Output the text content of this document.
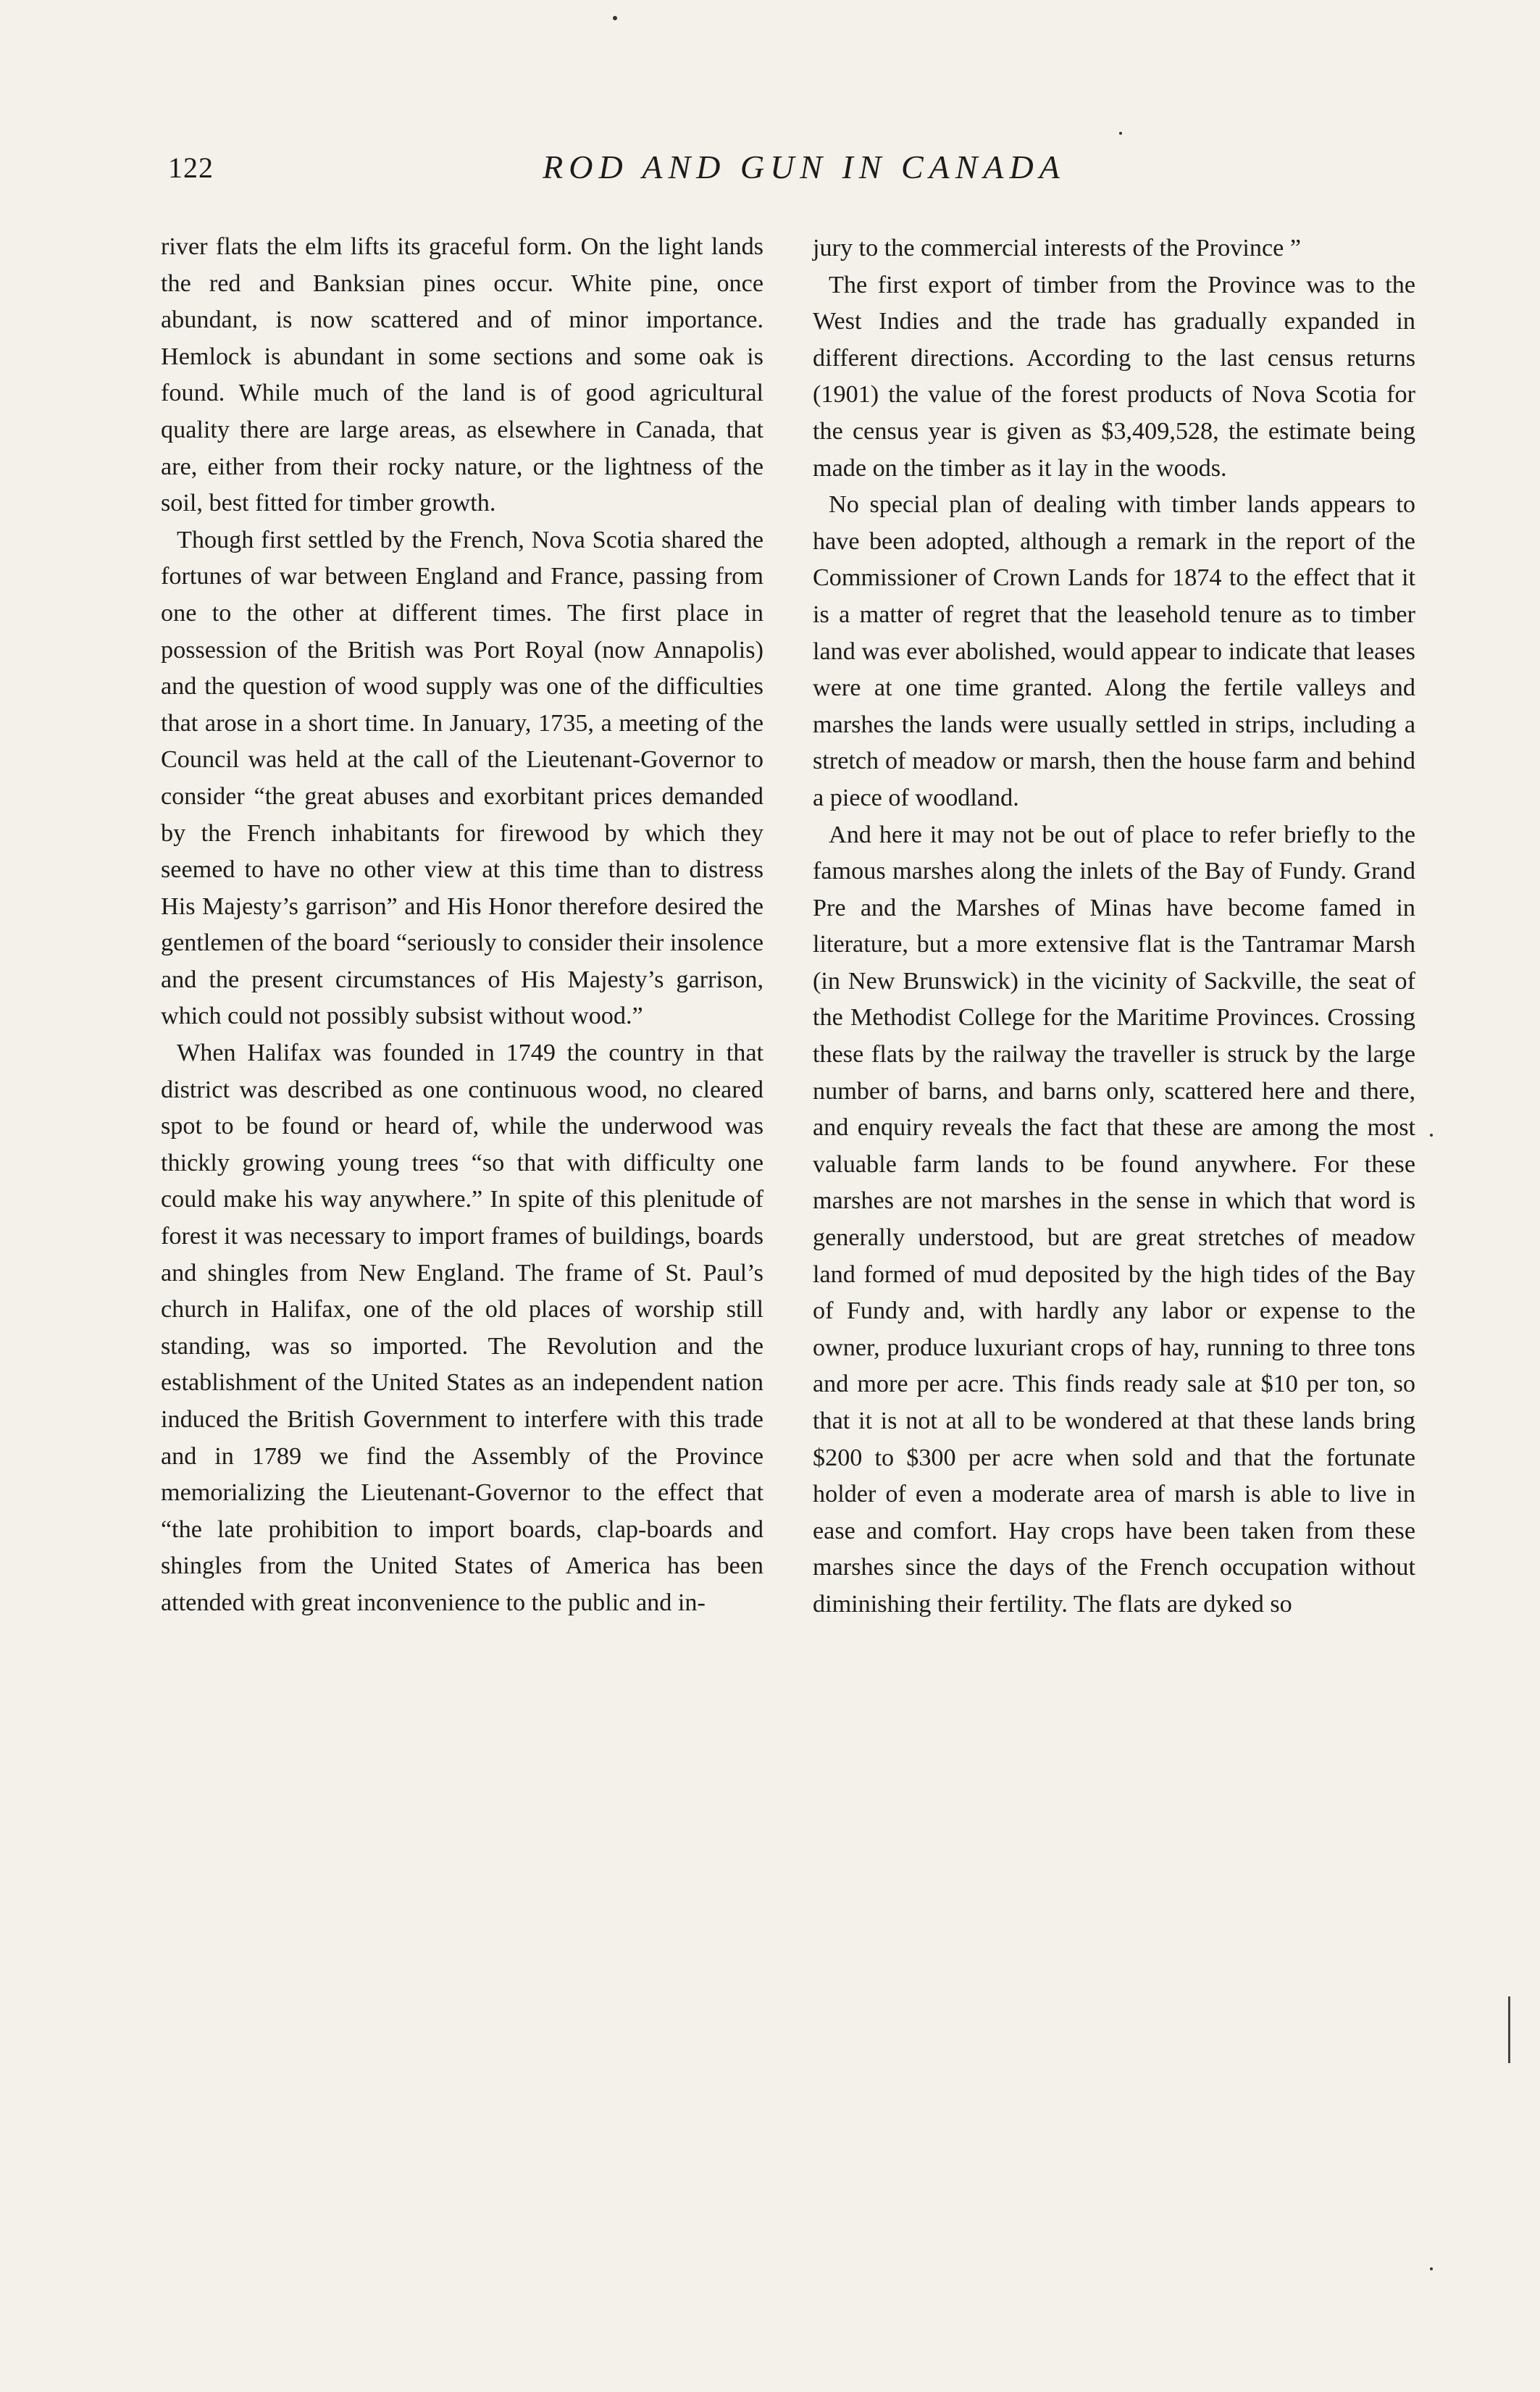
122	ROD AND GUN IN CANADA

river flats the elm lifts its graceful form. On the light lands the red and Banksian pines occur. White pine, once abundant, is now scattered and of minor importance. Hemlock is abundant in some sections and some oak is found. While much of the land is of good agricultural quality there are large areas, as elsewhere in Canada, that are, either from their rocky nature, or the lightness of the soil, best fitted for timber growth.

Though first settled by the French, Nova Scotia shared the fortunes of war between England and France, passing from one to the other at different times. The first place in possession of the British was Port Royal (now Annapolis) and the question of wood supply was one of the difficulties that arose in a short time. In January, 1735, a meeting of the Council was held at the call of the Lieutenant-Governor to consider “the great abuses and exorbitant prices demanded by the French inhabitants for firewood by which they seemed to have no other view at this time than to distress His Majesty’s garrison” and His Honor therefore desired the gentlemen of the board “seriously to consider their insolence and the present circumstances of His Majesty’s garrison, which could not possibly subsist without wood.”

When Halifax was founded in 1749 the country in that district was described as one continuous wood, no cleared spot to be found or heard of, while the underwood was thickly growing young trees “so that with difficulty one could make his way anywhere.” In spite of this plenitude of forest it was necessary to import frames of buildings, boards and shingles from New England. The frame of St. Paul’s church in Halifax, one of the old places of worship still standing, was so imported. The Revolution and the establishment of the United States as an independent nation induced the British Government to interfere with this trade and in 1789 we find the Assembly of the Province memorializing the Lieutenant-Governor to the effect that “the late prohibition to import boards, clap-boards and shingles from the United States of America has been attended with great inconvenience to the public and in-

jury to the commercial interests of the Province ”

The first export of timber from the Province was to the West Indies and the trade has gradually expanded in different directions. According to the last census returns (1901) the value of the forest products of Nova Scotia for the census year is given as $3,409,528, the estimate being made on the timber as it lay in the woods.

No special plan of dealing with timber lands appears to have been adopted, although a remark in the report of the Commissioner of Crown Lands for 1874 to the effect that it is a matter of regret that the leasehold tenure as to timber land was ever abolished, would appear to indicate that leases were at one time granted. Along the fertile valleys and marshes the lands were usually settled in strips, including a stretch of meadow or marsh, then the house farm and behind a piece of woodland.

And here it may not be out of place to refer briefly to the famous marshes along the inlets of the Bay of Fundy. Grand Pre and the Marshes of Minas have become famed in literature, but a more extensive flat is the Tantramar Marsh (in New Brunswick) in the vicinity of Sackville, the seat of the Methodist College for the Maritime Provinces. Crossing these flats by the railway the traveller is struck by the large number of barns, and barns only, scattered here and there, and enquiry reveals the fact that these are among the most valuable farm lands to be found anywhere. For these marshes are not marshes in the sense in which that word is generally understood, but are great stretches of meadow land formed of mud deposited by the high tides of the Bay of Fundy and, with hardly any labor or expense to the owner, produce luxuriant crops of hay, running to three tons and more per acre. This finds ready sale at $10 per ton, so that it is not at all to be wondered at that these lands bring $200 to $300 per acre when sold and that the fortunate holder of even a moderate area of marsh is able to live in ease and comfort. Hay crops have been taken from these marshes since the days of the French occupation without diminishing their fertility. The flats are dyked so
